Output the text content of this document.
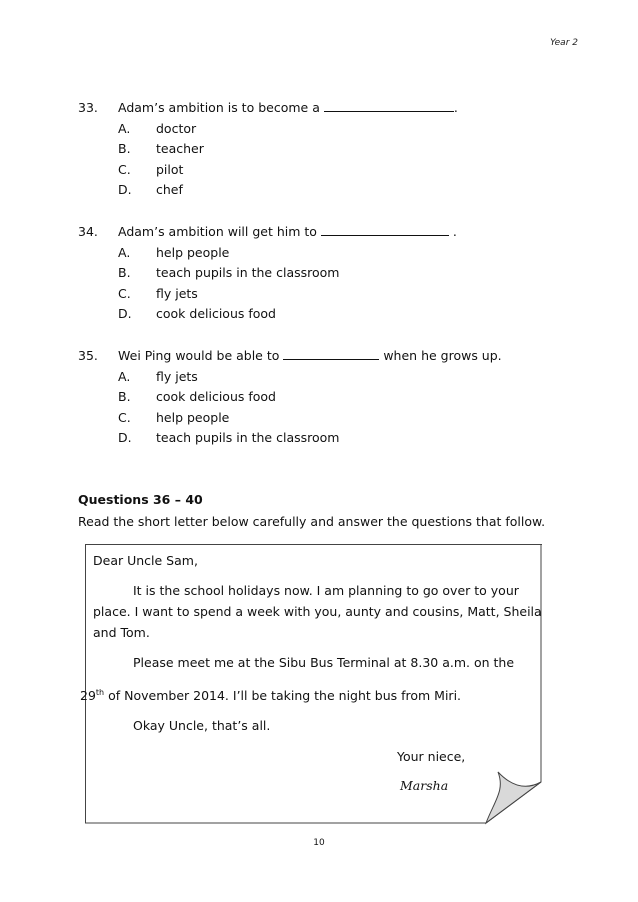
Year 2
33. Adam’s ambition is to become a	.
A. doctor
B. teacher
C. pilot
D. chef
34. Adam’s ambition will get him to	.
A. help people
B. teach pupils in the classroom
C. fly jets
D. cook delicious food
35. Wei Ping would be able to	when he grows up.
A. fly jets
B. cook delicious food
C. help people
D. teach pupils in the classroom
Questions 36 – 40
Read the short letter below carefully and answer the questions that follow.
Dear Uncle Sam,
It is the school holidays now. I am planning to go over to your
place. I want to spend a week with you, aunty and cousins, Matt, Sheila
and Tom.
Please meet me at the Sibu Bus Terminal at 8.30 a.m. on the
29th of November 2014. I’ll be taking the night bus from Miri.
Okay Uncle, that’s all.
Your niece,
Marsha
10
